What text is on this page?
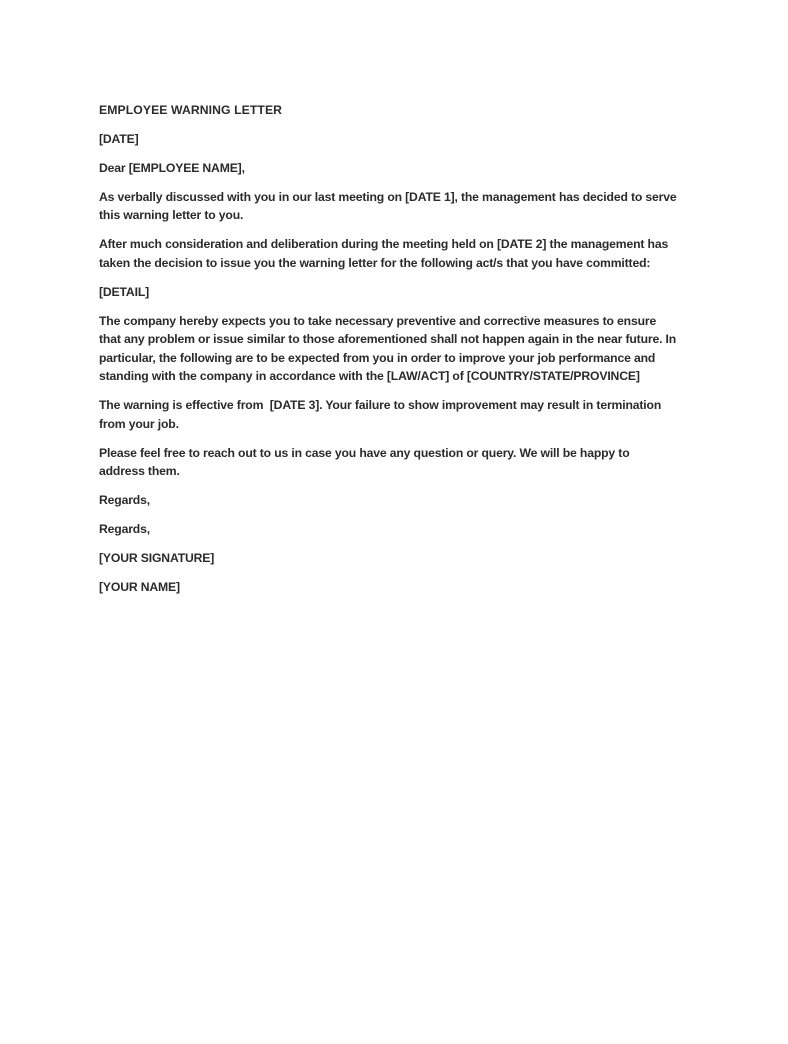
EMPLOYEE WARNING LETTER

[DATE]

Dear [EMPLOYEE NAME],

As verbally discussed with you in our last meeting on [DATE 1], the management has decided to serve this warning letter to you.

After much consideration and deliberation during the meeting held on [DATE 2] the management has taken the decision to issue you the warning letter for the following act/s that you have committed:

[DETAIL]

The company hereby expects you to take necessary preventive and corrective measures to ensure that any problem or issue similar to those aforementioned shall not happen again in the near future. In particular, the following are to be expected from you in order to improve your job performance and standing with the company in accordance with the [LAW/ACT] of [COUNTRY/STATE/PROVINCE]

The warning is effective from  [DATE 3]. Your failure to show improvement may result in termination from your job.

Please feel free to reach out to us in case you have any question or query. We will be happy to address them.

Regards,

Regards,

[YOUR SIGNATURE]

[YOUR NAME]
